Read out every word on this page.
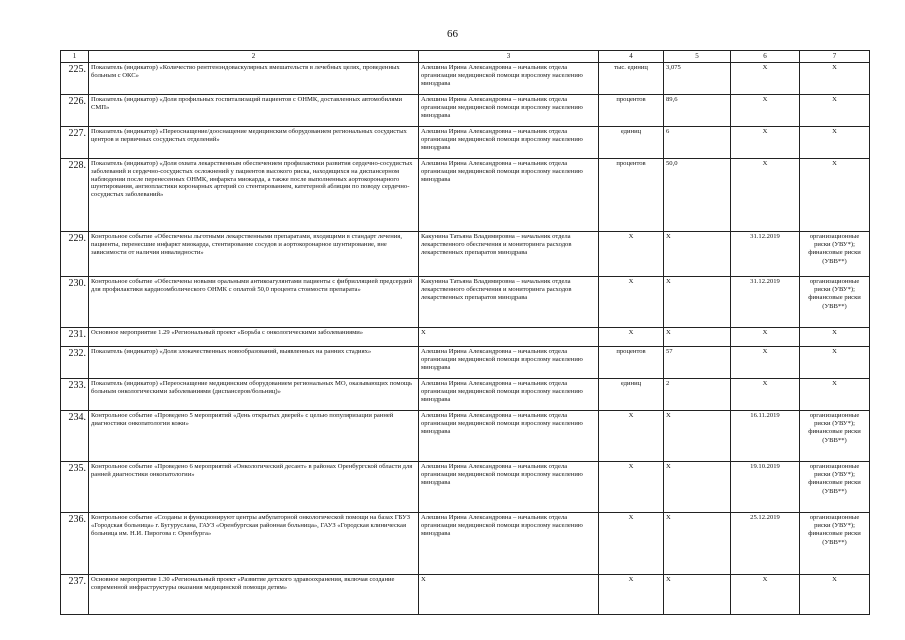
66
1	2	3	4	5	6	7
225.	Показатель (индикатор) «Количество рентгенэндоваскулярных вмешательств в лечебных целях, проведенных больным с ОКС»	Алешина Ирина Александровна – начальник отдела организации медицинской помощи взрослому населению минздрава	тыс. единиц	3,075	X	X
226.	Показатель (индикатор) «Доля профильных госпитализаций пациентов с ОНМК, доставленных автомобилями СМП»	Алешина Ирина Александровна – начальник отдела организации медицинской помощи взрослому населению минздрава	процентов	89,6	X	X
227.	Показатель (индикатор) «Переоснащение/дооснащение медицинским оборудованием региональных сосудистых центров и первичных сосудистых отделений»	Алешина Ирина Александровна – начальник отдела организации медицинской помощи взрослому населению минздрава	единиц	6	X	X
228.	Показатель (индикатор) «Доля охвата лекарственным обеспечением профилактики развития сердечно-сосудистых заболеваний и сердечно-сосудистых осложнений у пациентов высокого риска, находящихся на диспансерном наблюдении после перенесенных ОНМК, инфаркта миокарда, а также после выполненных аортокоронарного шунтирования, ангиопластики коронарных артерий со стентированием, катетерной абляции по поводу сердечно-сосудистых заболеваний»	Алешина Ирина Александровна – начальник отдела организации медицинской помощи взрослому населению минздрава	процентов	50,0	X	X
229.	Контрольное событие «Обеспечены льготными лекарственными препаратами, входящими в стандарт лечения, пациенты, перенесшие инфаркт миокарда, стентирование сосудов и аортокоронарное шунтирование, вне зависимости от наличия инвалидности»	Какунина Татьяна Владимировна – начальник отдела лекарственного обеспечения и мониторинга расходов лекарственных препаратов минздрава	X	X	31.12.2019	организационные риски (УВУ*); финансовые риски (УВВ**)
230.	Контрольное событие «Обеспечены новыми оральными антикоагулянтами пациенты с фибрилляцией предсердий для профилактики кардиоэмболического ОНМК с оплатой 50,0 процента стоимости препарата»	Какунина Татьяна Владимировна – начальник отдела лекарственного обеспечения и мониторинга расходов лекарственных препаратов минздрава	X	X	31.12.2019	организационные риски (УВУ*); финансовые риски (УВВ**)
231.	Основное мероприятие 1.29 «Региональный проект «Борьба с онкологическими заболеваниями»	X	X	X	X	X
232.	Показатель (индикатор) «Доля злокачественных новообразований, выявленных на ранних стадиях»	Алешина Ирина Александровна – начальник отдела организации медицинской помощи взрослому населению минздрава	процентов	57	X	X
233.	Показатель (индикатор) «Переоснащение медицинским оборудованием региональных МО, оказывающих помощь больным онкологическими заболеваниями (диспансеров/больниц)»	Алешина Ирина Александровна – начальник отдела организации медицинской помощи взрослому населению минздрава	единиц	2	X	X
234.	Контрольное событие «Проведено 5 мероприятий «День открытых дверей» с целью популяризации ранней диагностики онкопатологии кожи»	Алешина Ирина Александровна – начальник отдела организации медицинской помощи взрослому населению минздрава	X	X	16.11.2019	организационные риски (УВУ*); финансовые риски (УВВ**)
235.	Контрольное событие «Проведено 6 мероприятий «Онкологический десант» в районах Оренбургской области для ранней диагностики онкопатологии»	Алешина Ирина Александровна – начальник отдела организации медицинской помощи взрослому населению минздрава	X	X	19.10.2019	организационные риски (УВУ*); финансовые риски (УВВ**)
236.	Контрольное событие «Созданы и функционируют центры амбулаторной онкологической помощи на базах ГБУЗ «Городская больница» г. Бугуруслана, ГАУЗ «Оренбургская районная больница», ГАУЗ «Городская клиническая больница им. Н.И. Пирогова г. Оренбурга»	Алешина Ирина Александровна – начальник отдела организации медицинской помощи взрослому населению минздрава	X	X	25.12.2019	организационные риски (УВУ*); финансовые риски (УВВ**)
237.	Основное мероприятие 1.30 «Региональный проект «Развитие детского здравоохранения, включая создание современной инфраструктуры оказания медицинской помощи детям»	X	X	X	X	X
